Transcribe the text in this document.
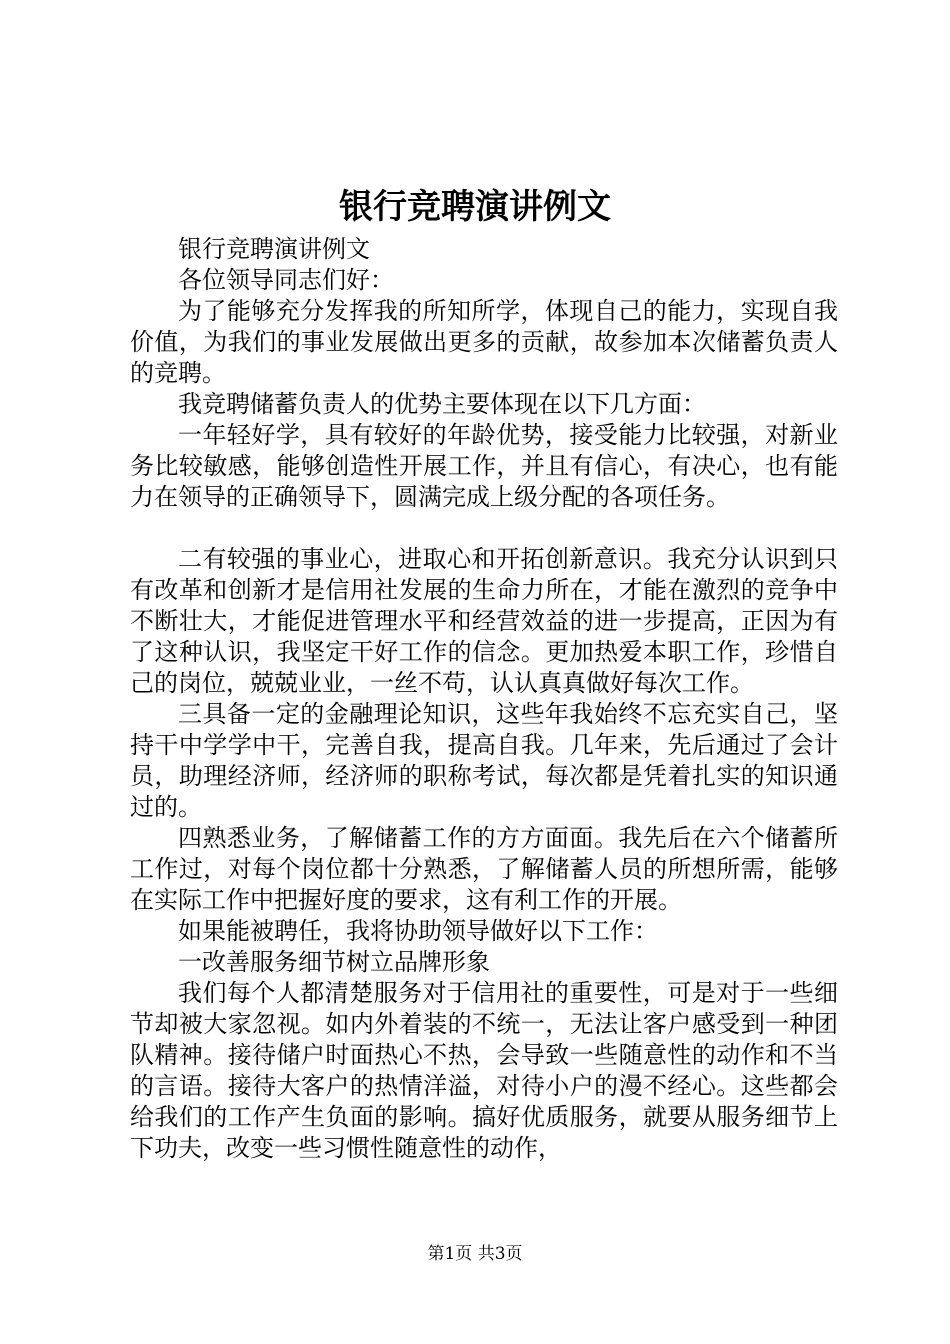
银行竞聘演讲例文

银行竞聘演讲例文

各位领导同志们好：

为了能够充分发挥我的所知所学，体现自己的能力，实现自我价值，为我们的事业发展做出更多的贡献，故参加本次储蓄负责人的竞聘。

我竞聘储蓄负责人的优势主要体现在以下几方面：

一年轻好学，具有较好的年龄优势，接受能力比较强，对新业务比较敏感，能够创造性开展工作，并且有信心，有决心，也有能力在领导的正确领导下，圆满完成上级分配的各项任务。

二有较强的事业心，进取心和开拓创新意识。我充分认识到只有改革和创新才是信用社发展的生命力所在，才能在激烈的竞争中不断壮大，才能促进管理水平和经营效益的进一步提高，正因为有了这种认识，我坚定干好工作的信念。更加热爱本职工作，珍惜自己的岗位，兢兢业业，一丝不苟，认认真真做好每次工作。

三具备一定的金融理论知识，这些年我始终不忘充实自己，坚持干中学学中干，完善自我，提高自我。几年来，先后通过了会计员，助理经济师，经济师的职称考试，每次都是凭着扎实的知识通过的。

四熟悉业务，了解储蓄工作的方方面面。我先后在六个储蓄所工作过，对每个岗位都十分熟悉，了解储蓄人员的所想所需，能够在实际工作中把握好度的要求，这有利工作的开展。

如果能被聘任，我将协助领导做好以下工作：

一改善服务细节树立品牌形象

我们每个人都清楚服务对于信用社的重要性，可是对于一些细节却被大家忽视。如内外着装的不统一，无法让客户感受到一种团队精神。接待储户时面热心不热，会导致一些随意性的动作和不当的言语。接待大客户的热情洋溢，对待小户的漫不经心。这些都会给我们的工作产生负面的影响。搞好优质服务，就要从服务细节上下功夫，改变一些习惯性随意性的动作，

第1页 共3页
